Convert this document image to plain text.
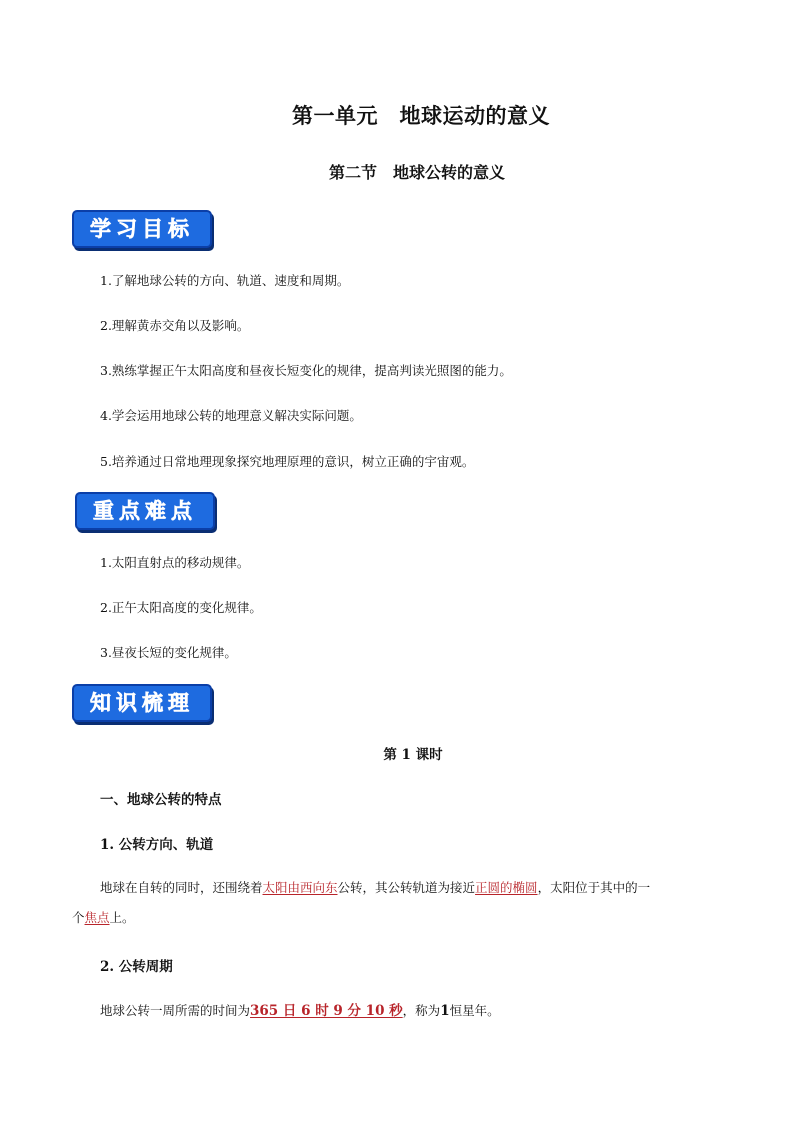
第一单元　地球运动的意义
第二节　地球公转的意义
学习目标
1.了解地球公转的方向、轨道、速度和周期。
2.理解黄赤交角以及影响。
3.熟练掌握正午太阳高度和昼夜长短变化的规律，提高判读光照图的能力。
4.学会运用地球公转的地理意义解决实际问题。
5.培养通过日常地理现象探究地理原理的意识，树立正确的宇宙观。
重点难点
1.太阳直射点的移动规律。
2.正午太阳高度的变化规律。
3.昼夜长短的变化规律。
知识梳理
第 1 课时
一、地球公转的特点
1. 公转方向、轨道
地球在自转的同时，还围绕着太阳由西向东公转，其公转轨道为接近正圆的椭圆，太阳位于其中的一
个焦点上。
2. 公转周期
地球公转一周所需的时间为365 日 6 时 9 分 10 秒，称为1恒星年。
